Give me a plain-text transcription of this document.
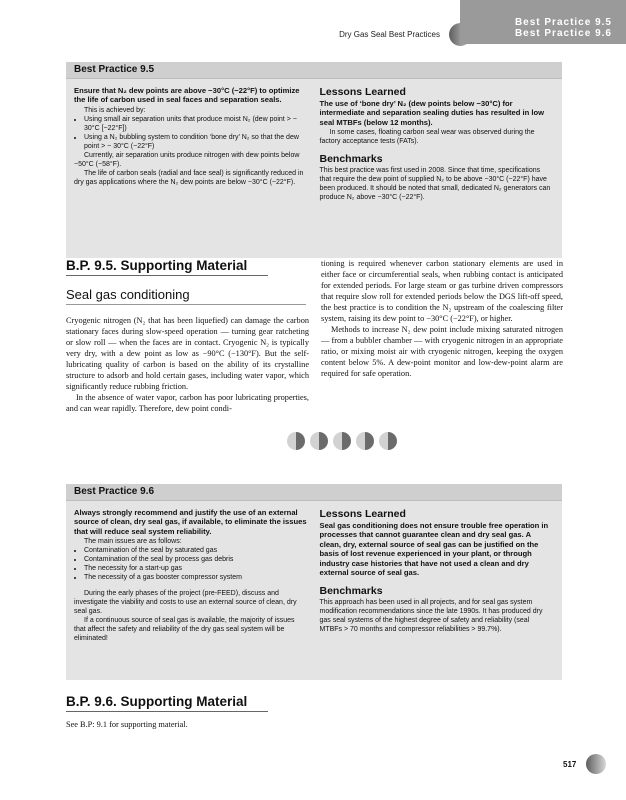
Dry Gas Seal Best Practices
Best Practice 9.5
Best Practice 9.6
Best Practice 9.5
Ensure that N₂ dew points are above −30°C (−22°F) to optimize the life of carbon used in seal faces and separation seals.

This is achieved by:

• Using small air separation units that produce moist N₂ (dew point > − 30°C [−22°F])
• Using a N₂ bubbling system to condition ‘bone dry’ N₂ so that the dew point > − 30°C (−22°F)

Currently, air separation units produce nitrogen with dew points below −50°C (−58°F).

The life of carbon seals (radial and face seal) is significantly reduced in dry gas applications where the N₂ dew points are below −30°C (−22°F).

Lessons Learned
The use of ‘bone dry’ N₂ (dew points below −30°C) for intermediate and separation sealing duties has resulted in low seal MTBFs (below 12 months).

In some cases, floating carbon seal wear was observed during the factory acceptance tests (FATs).

Benchmarks

This best practice was first used in 2008. Since that time, specifications that require the dew point of supplied N₂ to be above −30°C (−22°F) have been produced. It should be noted that small, dedicated N₂ generators can produce N₂ above −30°C (−22°F).

B.P. 9.5. Supporting Material
Seal gas conditioning

Cryogenic nitrogen (N₂ that has been liquefied) can damage the carbon stationary faces during slow-speed operation — turning gear ratcheting or slow roll — when the faces are in contact. Cryogenic N₂ is typically very dry, with a dew point as low as −90°C (−130°F). But the self-lubricating quality of carbon is based on the ability of its crystalline structure to adsorb and hold certain gases, including water vapor, which significantly reduce rubbing friction.

In the absence of water vapor, carbon has poor lubricating properties, and can wear rapidly. Therefore, dew point condi-

tioning is required whenever carbon stationary elements are used in either face or circumferential seals, when rubbing contact is anticipated for extended periods. For large steam or gas turbine driven compressors that require slow roll for extended periods below the DGS lift-off speed, the best practice is to condition the N₂ upstream of the coalescing filter system, raising its dew point to −30°C (−22°F), or higher.

Methods to increase N₂ dew point include mixing saturated nitrogen — from a bubbler chamber — with cryogenic nitrogen in an appropriate ratio, or mixing moist air with cryogenic nitrogen, keeping the oxygen content below 5%. A dew-point monitor and low-dew-point alarm are required for safe operation.

Best Practice 9.6
Always strongly recommend and justify the use of an external source of clean, dry seal gas, if available, to eliminate the issues that will reduce seal system reliability.

The main issues are as follows:

• Contamination of the seal by saturated gas
• Contamination of the seal by process gas debris
• The necessity for a start-up gas
• The necessity of a gas booster compressor system

During the early phases of the project (pre-FEED), discuss and investigate the viability and costs to use an external source of clean, dry seal gas.

If a continuous source of seal gas is available, the majority of issues that affect the safety and reliability of the dry gas seal system will be eliminated!

Lessons Learned
Seal gas conditioning does not ensure trouble free operation in processes that cannot guarantee clean and dry seal gas. A clean, dry, external source of seal gas can be justified on the basis of lost revenue experienced in your plant, or through industry case histories that have not used a clean and dry external source of seal gas.
Benchmarks

This approach has been used in all projects, and for seal gas system modification recommendations since the late 1990s. It has produced dry gas seal systems of the highest degree of safety and reliability (seal MTBFs > 70 months and compressor reliabilities > 99.7%).

B.P. 9.6. Supporting Material
See B.P: 9.1 for supporting material.
517
